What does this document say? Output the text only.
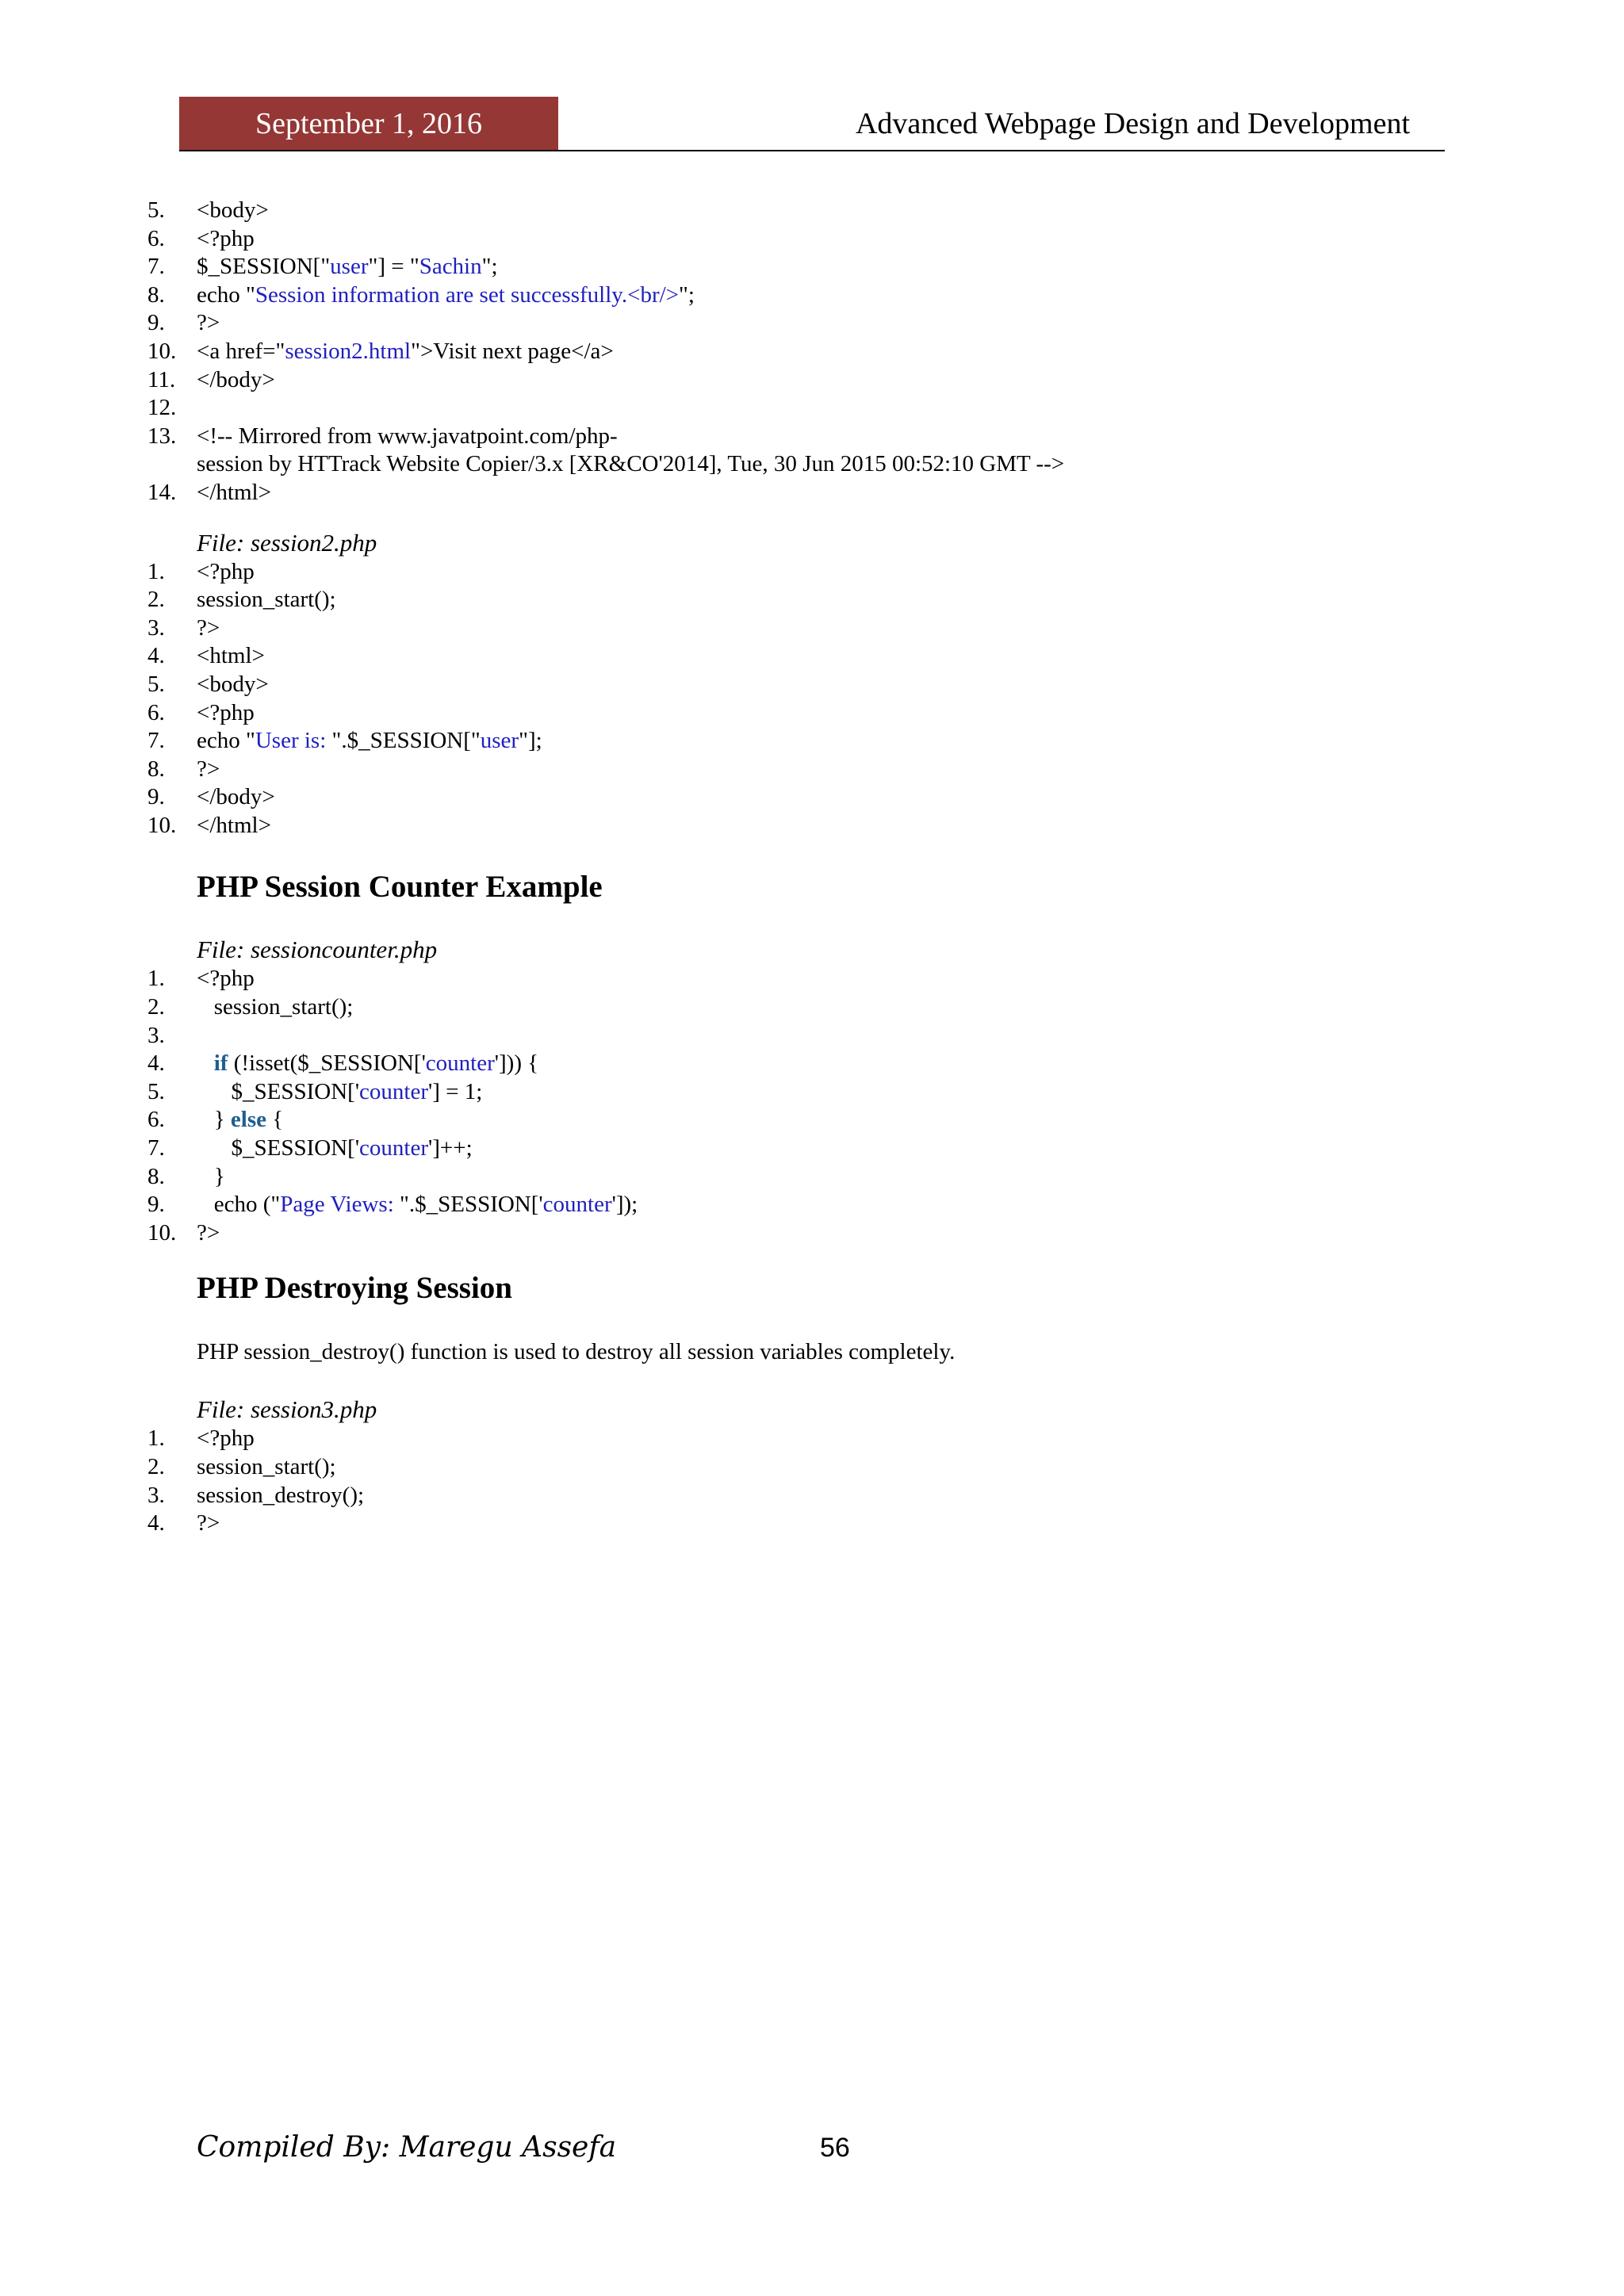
September 1, 2016	Advanced Webpage Design and Development
5. <body>
6. <?php
7. $_SESSION["user"] = "Sachin";
8. echo "Session information are set successfully.<br/>";
9. ?>
10. <a href="session2.html">Visit next page</a>
11. </body>
12.
13. <!-- Mirrored from www.javatpoint.com/php-
session by HTTrack Website Copier/3.x [XR&CO'2014], Tue, 30 Jun 2015 00:52:10 GMT -->
14. </html>
File: session2.php
1. <?php
2. session_start();
3. ?>
4. <html>
5. <body>
6. <?php
7. echo "User is: ".$_SESSION["user"];
8. ?>
9. </body>
10. </html>
PHP Session Counter Example
File: sessioncounter.php
1. <?php
2. session_start();
3.
4.	if (!isset($_SESSION['counter'])) {
5. $_SESSION['counter'] = 1;
6. } else {
7. $_SESSION['counter']++;
8. }
9. echo ("Page Views: ".$_SESSION['counter']);
10. ?>
PHP Destroying Session
PHP session_destroy() function is used to destroy all session variables completely.
File: session3.php
1. <?php
2. session_start();
3. session_destroy();
4. ?>
Compiled By: Maregu Assefa	56
